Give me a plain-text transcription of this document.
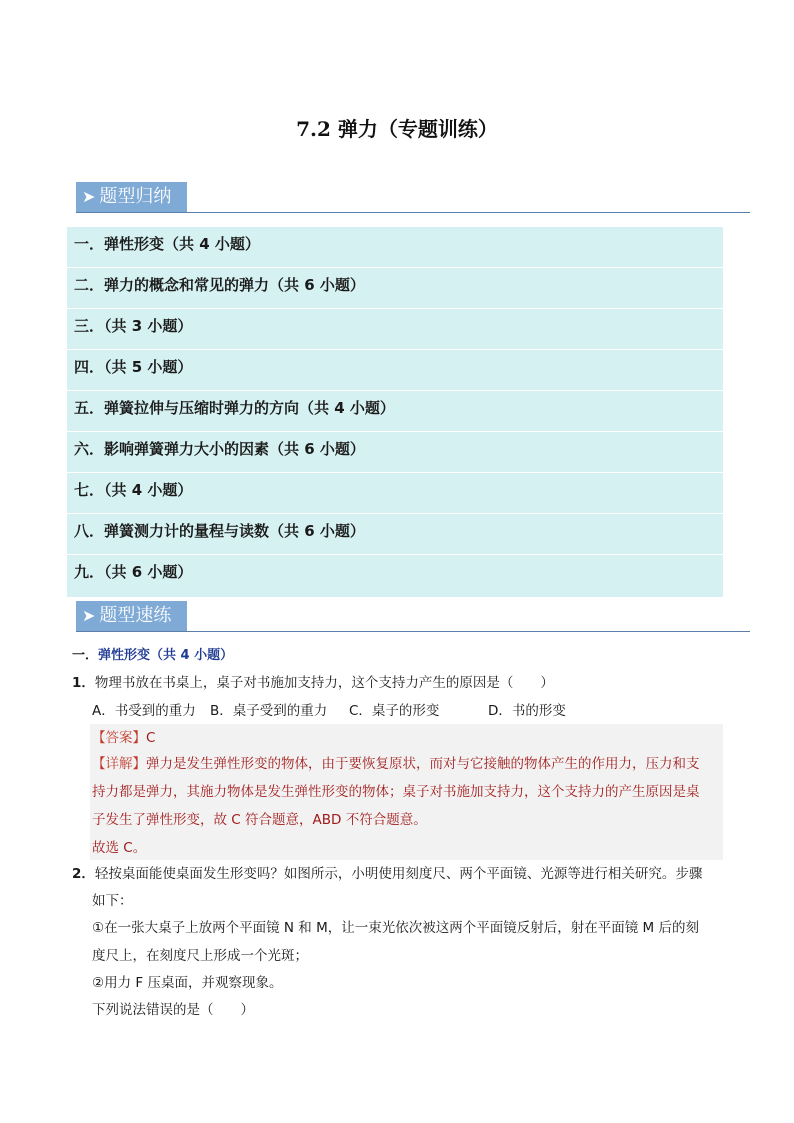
7.2 弹力（专题训练）
➤ 题型归纳
一．弹性形变（共 4 小题）
二．弹力的概念和常见的弹力（共 6 小题）
三．（共 3 小题）
四．（共 5 小题）
五．弹簧拉伸与压缩时弹力的方向（共 4 小题）
六．影响弹簧弹力大小的因素（共 6 小题）
七．（共 4 小题）
八．弹簧测力计的量程与读数（共 6 小题）
九．（共 6 小题）
➤ 题型速练
一．弹性形变（共 4 小题）
1．物理书放在书桌上，桌子对书施加支持力，这个支持力产生的原因是（　　）
A．书受到的重力 B．桌子受到的重力 C．桌子的形变	D．书的形变
【答案】C
【详解】弹力是发生弹性形变的物体，由于要恢复原状，而对与它接触的物体产生的作用力，压力和支
持力都是弹力，其施力物体是发生弹性形变的物体；桌子对书施加支持力，这个支持力的产生原因是桌
子发生了弹性形变，故 C 符合题意，ABD 不符合题意。
故选 C。
2．轻按桌面能使桌面发生形变吗？如图所示，小明使用刻度尺、两个平面镜、光源等进行相关研究。步骤
如下：
①在一张大桌子上放两个平面镜 N 和 M，让一束光依次被这两个平面镜反射后，射在平面镜 M 后的刻
度尺上，在刻度尺上形成一个光斑；
②用力 F 压桌面，并观察现象。
下列说法错误的是（　　）
